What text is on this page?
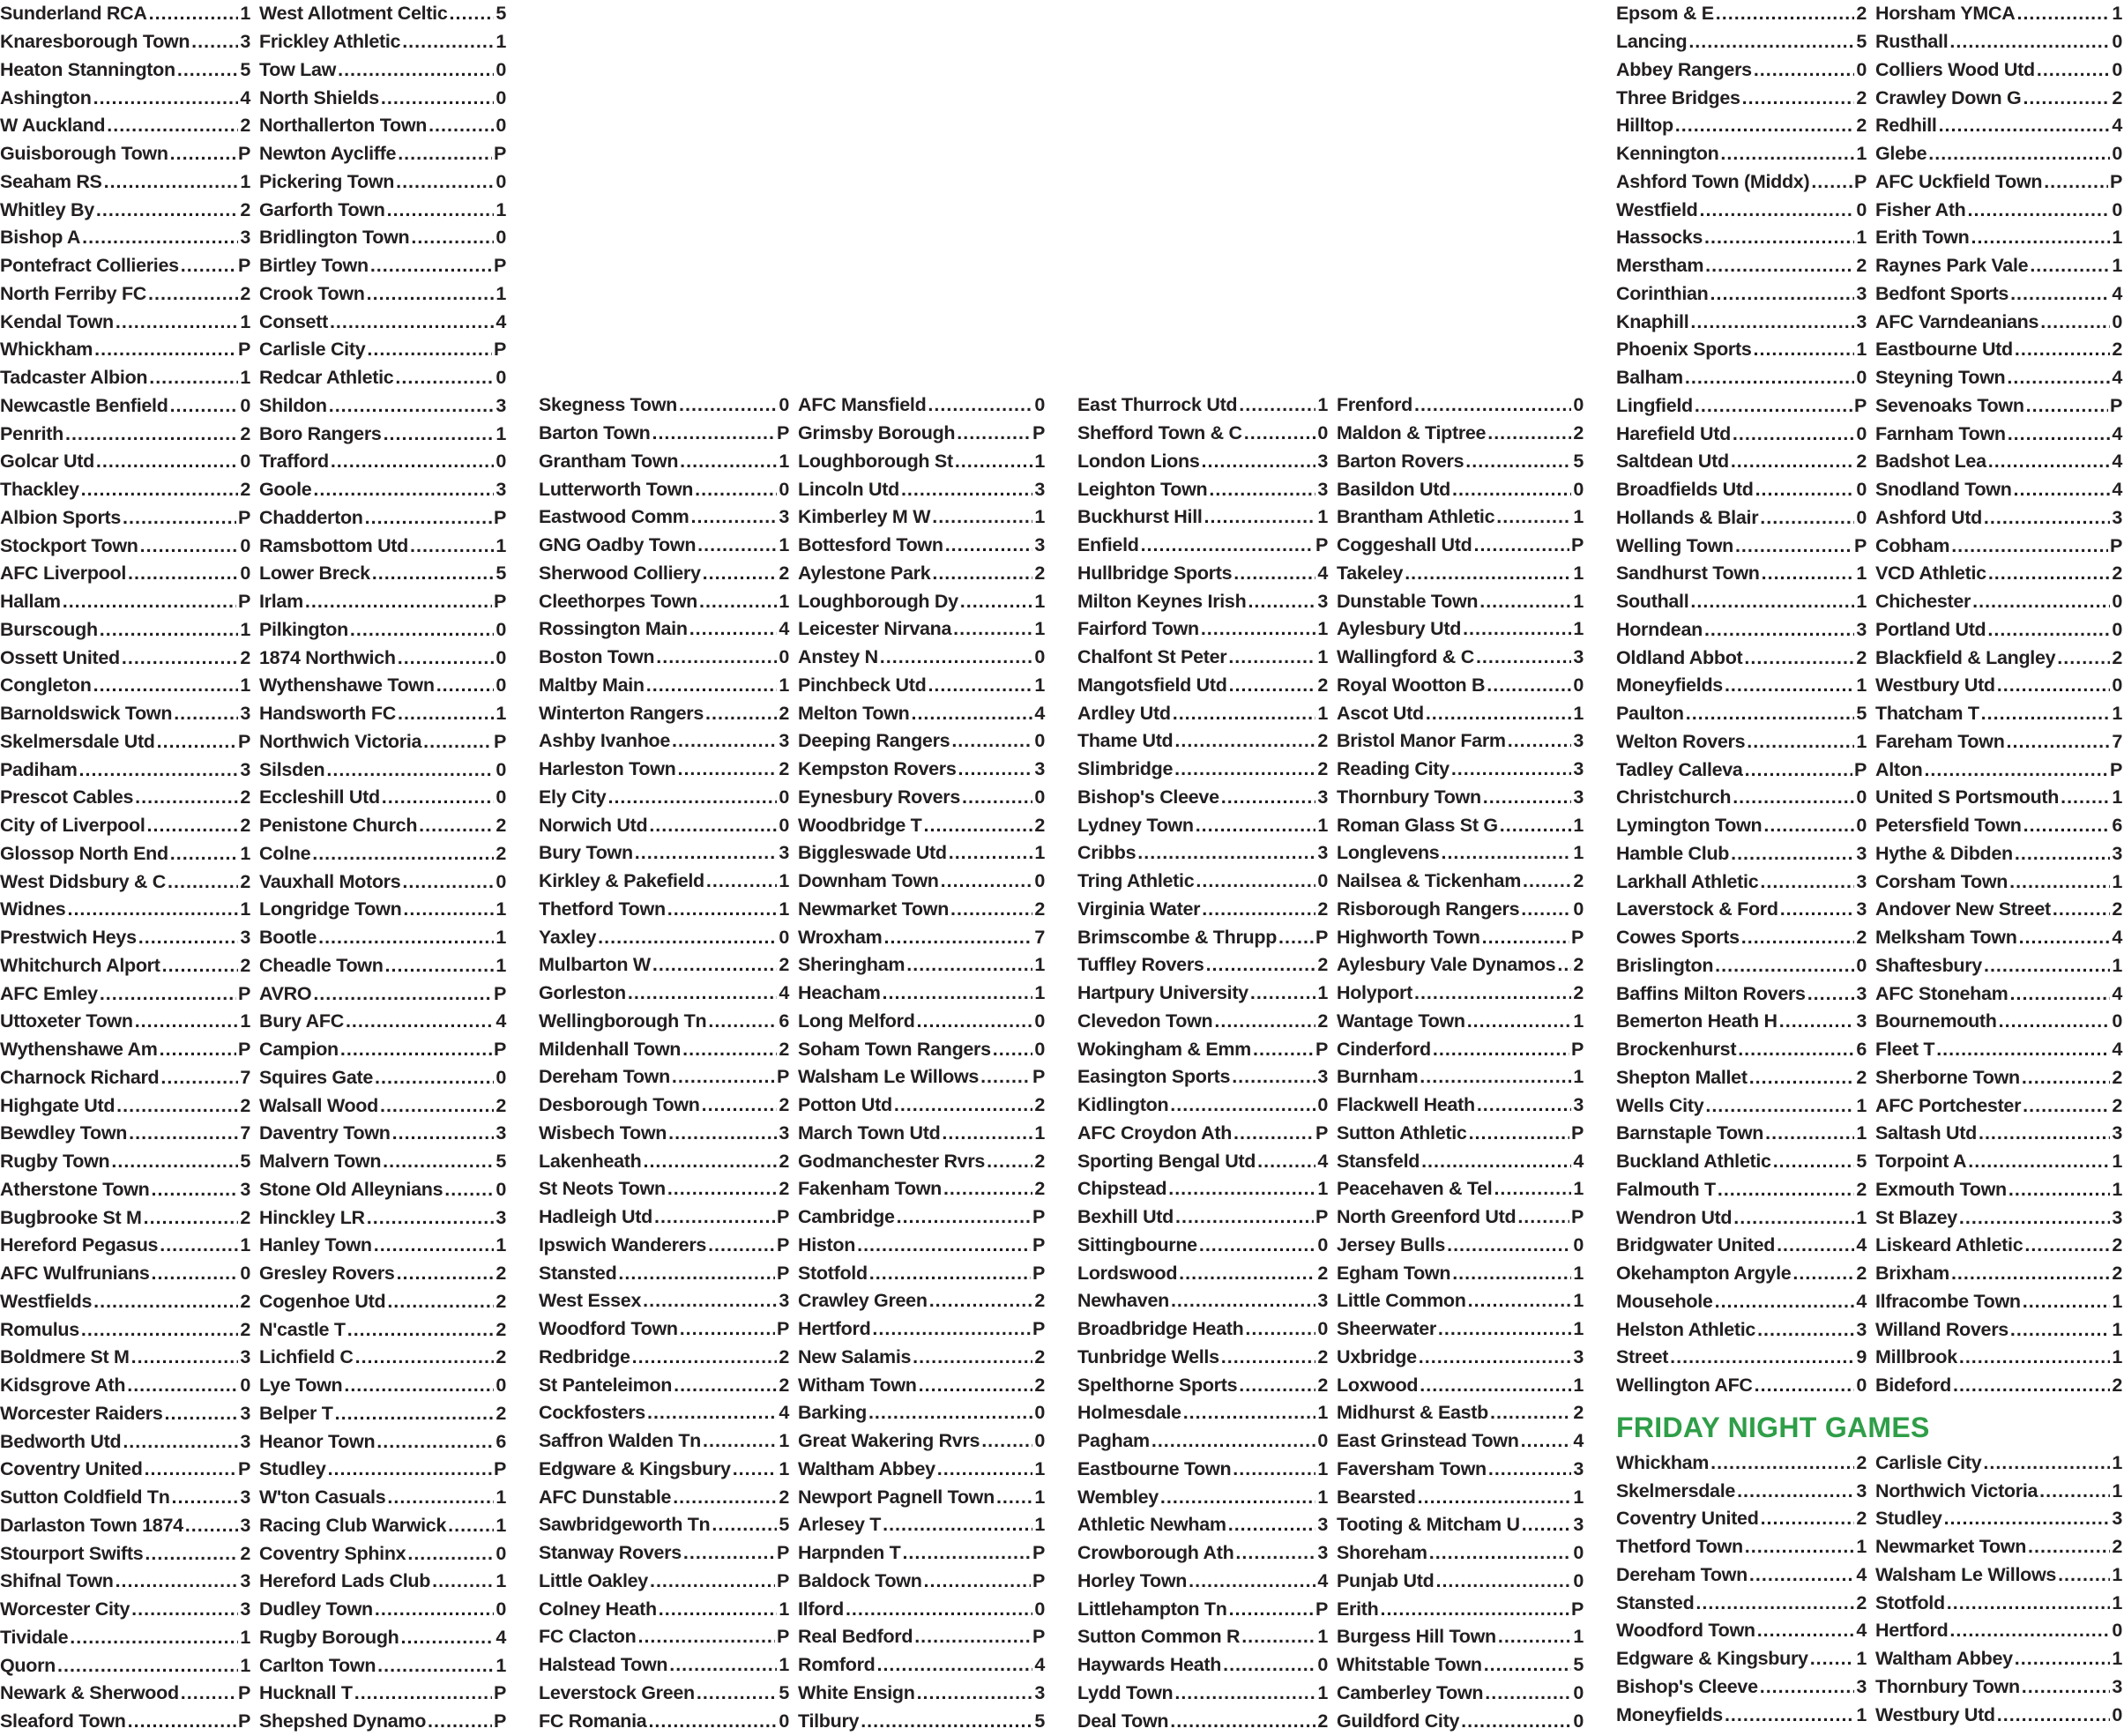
Sunderland RCA .....	1 West Allotment Celtic .....	5
Knaresborough Town .....	3 Frickley Athletic .....	1
Heaton Stannington .....	5 Tow Law .....	0
Ashington .....	4 North Shields .....	0
W Auckland .....	2 Northallerton Town .....	0
Guisborough Town .....	P Newton Aycliffe .....	P
Seaham RS .....	1 Pickering Town .....	0
Whitley By .....	2 Garforth Town .....	1
Bishop A .....	3 Bridlington Town .....	0
Pontefract Collieries .....	P Birtley Town .....	P
North Ferriby FC .....	2 Crook Town .....	1
Kendal Town .....	1 Consett .....	4
Whickham .....	P Carlisle City .....	P
Tadcaster Albion .....	1 Redcar Athletic .....	0
Newcastle Benfield .....	0 Shildon .....	3
Penrith .....	2 Boro Rangers .....	1
Golcar Utd .....	0 Trafford .....	0
Thackley .....	2 Goole .....	3
Albion Sports .....	P Chadderton .....	P
Stockport Town .....	0 Ramsbottom Utd .....	1
AFC Liverpool .....	0 Lower Breck .....	5
Hallam .....	P Irlam .....	P
Burscough .....	1 Pilkington .....	0
Ossett United .....	2 1874 Northwich .....	0
Congleton .....	1 Wythenshawe Town .....	0
Barnoldswick Town .....	3 Handsworth FC .....	1
Skelmersdale Utd .....	P Northwich Victoria .....	P
Padiham .....	3 Silsden .....	0
Prescot Cables .....	2 Eccleshill Utd .....	0
City of Liverpool .....	2 Penistone Church .....	2
Glossop North End .....	1 Colne .....	2
West Didsbury & C .....	2 Vauxhall Motors .....	0
Widnes .....	1 Longridge Town .....	1
Prestwich Heys .....	3 Bootle .....	1
Whitchurch Alport .....	2 Cheadle Town .....	1
AFC Emley .....	P AVRO .....	P
Uttoxeter Town .....	1 Bury AFC .....	4
Wythenshawe Am .....	P Campion .....	P
Charnock Richard .....	7 Squires Gate .....	0
Highgate Utd .....	2 Walsall Wood .....	2
Bewdley Town .....	7 Daventry Town .....	3
Rugby Town .....	5 Malvern Town .....	5
Atherstone Town .....	3 Stone Old Alleynians .....	0
Bugbrooke St M .....	2 Hinckley LR .....	3
Hereford Pegasus .....	1 Hanley Town .....	1
AFC Wulfrunians .....	0 Gresley Rovers .....	2
Westfields .....	2 Cogenhoe Utd .....	2
Romulus .....	2 N'castle T .....	2
Boldmere St M .....	3 Lichfield C .....	2
Kidsgrove Ath .....	0 Lye Town .....	0
Worcester Raiders .....	3 Belper T .....	2
Bedworth Utd .....	3 Heanor Town .....	6
Coventry United .....	P Studley .....	P
Sutton Coldfield Tn .....	3 W'ton Casuals .....	1
Darlaston Town 1874 .....	3 Racing Club Warwick .....	1
Stourport Swifts .....	2 Coventry Sphinx .....	0
Shifnal Town .....	3 Hereford Lads Club .....	1
Worcester City .....	3 Dudley Town .....	0
Tividale .....	1 Rugby Borough .....	4
Quorn .....	1 Carlton Town .....	1
Newark & Sherwood .....	P Hucknall T .....	P
Sleaford Town .....	P Shepshed Dynamo .....	P
Skegness Town .....	0 AFC Mansfield .....	0
Barton Town .....	P Grimsby Borough .....	P
Grantham Town .....	1 Loughborough St .....	1
Lutterworth Town .....	0 Lincoln Utd .....	3
Eastwood Comm .....	3 Kimberley M W .....	1
GNG Oadby Town .....	1 Bottesford Town .....	3
Sherwood Colliery .....	2 Aylestone Park .....	2
Cleethorpes Town .....	1 Loughborough Dy .....	1
Rossington Main .....	4 Leicester Nirvana .....	1
Boston Town .....	0 Anstey N .....	0
Maltby Main .....	1 Pinchbeck Utd .....	1
Winterton Rangers .....	2 Melton Town .....	4
Ashby Ivanhoe .....	3 Deeping Rangers .....	0
Harleston Town .....	2 Kempston Rovers .....	3
Ely City .....	0 Eynesbury Rovers .....	0
Norwich Utd .....	0 Woodbridge T .....	2
Bury Town .....	3 Biggleswade Utd .....	1
Kirkley & Pakefield .....	1 Downham Town .....	0
Thetford Town .....	1 Newmarket Town .....	2
Yaxley .....	0 Wroxham .....	7
Mulbarton W .....	2 Sheringham .....	1
Gorleston .....	4 Heacham .....	1
Wellingborough Tn .....	6 Long Melford .....	0
Mildenhall Town .....	2 Soham Town Rangers ..... 0
Dereham Town .....	P Walsham Le Willows .....	P
Desborough Town .....	2 Potton Utd .....	2
Wisbech Town .....	3 March Town Utd .....	1
Lakenheath .....	2 Godmanchester Rvrs .....	2
St Neots Town .....	2 Fakenham Town .....	2
Hadleigh Utd .....	P Cambridge .....	P
Ipswich Wanderers .....	P Histon .....	P
Stansted .....	P Stotfold .....	P
West Essex .....	3 Crawley Green .....	2
Woodford Town .....	P Hertford .....	P
Redbridge .....	2 New Salamis .....	2
St Panteleimon .....	2 Witham Town .....	2
Cockfosters .....	4 Barking .....	0
Saffron Walden Tn .....	1 Great Wakering Rvrs .....	0
Edgware & Kingsbury .....	1 Waltham Abbey .....	1
AFC Dunstable .....	2 Newport Pagnell Town ..... 1
Sawbridgeworth Tn .....	5 Arlesey T .....	1
Stanway Rovers .....	P Harpnden T .....	P
Little Oakley .....	P Baldock Town .....	P
Colney Heath .....	1 Ilford .....	0
FC Clacton .....	P Real Bedford .....	P
Halstead Town .....	1 Romford .....	4
Leverstock Green .....	5 White Ensign .....	3
FC Romania .....	0 Tilbury .....	5
East Thurrock Utd .....	1 Frenford .....	0
Shefford Town & C .....	0 Maldon & Tiptree .....	2
London Lions .....	3 Barton Rovers .....	5
Leighton Town .....	3 Basildon Utd .....	0
Buckhurst Hill .....	1 Brantham Athletic .....	1
Enfield .....	P Coggeshall Utd .....	P
Hullbridge Sports .....	4 Takeley .....	1
Milton Keynes Irish .....	3 Dunstable Town .....	1
Fairford Town .....	1 Aylesbury Utd .....	1
Chalfont St Peter .....	1 Wallingford & C .....	3
Mangotsfield Utd .....	2 Royal Wootton B .....	0
Ardley Utd .....	1 Ascot Utd .....	1
Thame Utd .....	2 Bristol Manor Farm .....	3
Slimbridge .....	2 Reading City .....	3
Bishop's Cleeve .....	3 Thornbury Town .....	3
Lydney Town .....	1 Roman Glass St G .....	1
Cribbs .....	3 Longlevens .....	1
Tring Athletic .....	0 Nailsea & Tickenham .....	2
Virginia Water .....	2 Risborough Rangers .....	0
Brimscombe & Thrupp ..... P Highworth Town .....	P
Tuffley Rovers .....	2 Aylesbury Vale Dynamos ..... 2
Hartpury University .....	1 Holyport .....	2
Clevedon Town .....	2 Wantage Town .....	1
Wokingham & Emm .....	P Cinderford .....	P
Easington Sports .....	3 Burnham .....	1
Kidlington .....	0 Flackwell Heath .....	3
AFC Croydon Ath .....	P Sutton Athletic .....	P
Sporting Bengal Utd .....	4 Stansfeld .....	4
Chipstead .....	1 Peacehaven & Tel .....	1
Bexhill Utd .....	P North Greenford Utd .....	P
Sittingbourne .....	0 Jersey Bulls .....	0
Lordswood .....	2 Egham Town .....	1
Newhaven .....	3 Little Common .....	1
Broadbridge Heath .....	0 Sheerwater .....	1
Tunbridge Wells .....	2 Uxbridge .....	3
Spelthorne Sports .....	2 Loxwood .....	1
Holmesdale .....	1 Midhurst & Eastb .....	2
Pagham .....	0 East Grinstead Town .....	4
Eastbourne Town .....	1 Faversham Town .....	3
Wembley .....	1 Bearsted .....	1
Athletic Newham .....	3 Tooting & Mitcham U .....	3
Crowborough Ath .....	3 Shoreham .....	0
Horley Town .....	4 Punjab Utd .....	0
Littlehampton Tn .....	P Erith .....	P
Sutton Common R .....	1 Burgess Hill Town .....	1
Haywards Heath .....	0 Whitstable Town .....	5
Lydd Town .....	1 Camberley Town .....	0
Deal Town .....	2 Guildford City .....	0
Epsom & E .....	2 Horsham YMCA .....	1
Lancing .....	5 Rusthall .....	0
Abbey Rangers .....	0 Colliers Wood Utd .....	0
Three Bridges .....	2 Crawley Down G .....	2
Hilltop .....	2 Redhill .....	4
Kennington .....	1 Glebe .....	0
Ashford Town (Middx) ..... P AFC Uckfield Town .....	P
Westfield .....	0 Fisher Ath .....	0
Hassocks .....	1 Erith Town .....	1
Merstham .....	2 Raynes Park Vale .....	1
Corinthian .....	3 Bedfont Sports .....	4
Knaphill .....	3 AFC Varndeanians .....	0
Phoenix Sports .....	1 Eastbourne Utd .....	2
Balham .....	0 Steyning Town .....	4
Lingfield .....	P Sevenoaks Town .....	P
Harefield Utd .....	0 Farnham Town .....	4
Saltdean Utd .....	2 Badshot Lea .....	4
Broadfields Utd .....	0 Snodland Town .....	4
Hollands & Blair .....	0 Ashford Utd .....	3
Welling Town .....	P Cobham .....	P
Sandhurst Town .....	1 VCD Athletic .....	2
Southall .....	1 Chichester .....	0
Horndean .....	3 Portland Utd .....	0
Oldland Abbot .....	2 Blackfield & Langley .....	2
Moneyfields .....	1 Westbury Utd .....	0
Paulton .....	5 Thatcham T .....	1
Welton Rovers .....	1 Fareham Town .....	7
Tadley Calleva .....	P Alton .....	P
Christchurch .....	0 United S Portsmouth .....	1
Lymington Town .....	0 Petersfield Town .....	6
Hamble Club .....	3 Hythe & Dibden .....	3
Larkhall Athletic .....	3 Corsham Town .....	1
Laverstock & Ford .....	3 Andover New Street .....	2
Cowes Sports .....	2 Melksham Town .....	4
Brislington .....	0 Shaftesbury .....	1
Baffins Milton Rovers .....	3 AFC Stoneham .....	4
Bemerton Heath H .....	3 Bournemouth .....	0
Brockenhurst .....	6 Fleet T .....	4
Shepton Mallet .....	2 Sherborne Town .....	2
Wells City .....	1 AFC Portchester .....	2
Barnstaple Town .....	1 Saltash Utd .....	3
Buckland Athletic .....	5 Torpoint A .....	1
Falmouth T .....	2 Exmouth Town .....	1
Wendron Utd .....	1 St Blazey .....	3
Bridgwater United .....	4 Liskeard Athletic .....	2
Okehampton Argyle .....	2 Brixham .....	2
Mousehole .....	4 Ilfracombe Town .....	1
Helston Athletic .....	3 Willand Rovers .....	1
Street .....	9 Millbrook .....	1
Wellington AFC .....	0 Bideford .....	2
FRIDAY NIGHT GAMES
Whickham .....	2 Carlisle City .....	1
Skelmersdale .....	3 Northwich Victoria .....	1
Coventry United .....	2 Studley .....	3
Thetford Town .....	1 Newmarket Town .....	2
Dereham Town .....	4 Walsham Le Willows .....	1
Stansted .....	2 Stotfold .....	1
Woodford Town .....	4 Hertford .....	0
Edgware & Kingsbury .....	1 Waltham Abbey .....	1
Bishop's Cleeve .....	3 Thornbury Town .....	3
Moneyfields .....	1 Westbury Utd .....	0
